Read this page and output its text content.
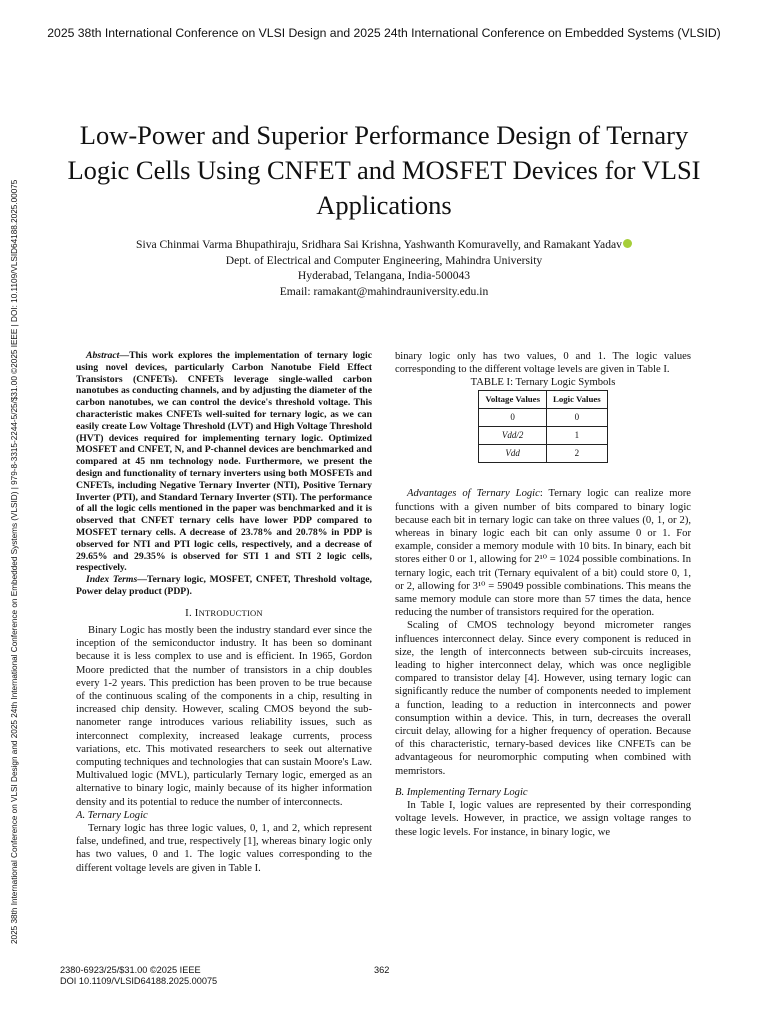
2025 38th International Conference on VLSI Design and 2025 24th International Conference on Embedded Systems (VLSID)
2025 38th International Conference on VLSI Design and 2025 24th International Conference on Embedded Systems (VLSID) | 979-8-3315-2244-5/25/$31.00 ©2025 IEEE | DOI: 10.1109/VLSID64188.2025.00075
Low-Power and Superior Performance Design of Ternary Logic Cells Using CNFET and MOSFET Devices for VLSI Applications
Siva Chinmai Varma Bhupathiraju, Sridhara Sai Krishna, Yashwanth Komuravelly, and Ramakant Yadav
Dept. of Electrical and Computer Engineering, Mahindra University
Hyderabad, Telangana, India-500043
Email: ramakant@mahindrauniversity.edu.in

Abstract—This work explores the implementation of ternary logic using novel devices, particularly Carbon Nanotube Field Effect Transistors (CNFETs). CNFETs leverage single-walled carbon nanotubes as conducting channels, and by adjusting the diameter of the carbon nanotubes, we can control the device's threshold voltage. This characteristic makes CNFETs well-suited for ternary logic, as we can easily create Low Voltage Threshold (LVT) and High Voltage Threshold (HVT) devices required for implementing ternary logic. Optimized MOSFET and CNFET, N, and P-channel devices are benchmarked and compared at 45 nm technology node. Furthermore, we present the design and functionality of ternary inverters using both MOSFETs and CNFETs, including Negative Ternary Inverter (NTI), Positive Ternary Inverter (PTI), and Standard Ternary Inverter (STI). The performance of all the logic cells mentioned in the paper was benchmarked and it is observed that CNFET ternary cells have lower PDP compared to MOSFET ternary cells. A decrease of 23.78% and 20.78% in PDP is observed for NTI and PTI logic cells, respectively, and a decrease of 29.65% and 29.35% is observed for STI 1 and STI 2 logic cells, respectively.

Index Terms—Ternary logic, MOSFET, CNFET, Threshold voltage, Power delay product (PDP).

I. INTRODUCTION

Binary Logic has mostly been the industry standard ever since the inception of the semiconductor industry. It has been so dominant because it is less complex to use and is efficient. In 1965, Gordon Moore predicted that the number of transistors in a chip doubles every 1-2 years. This prediction has been proven to be true because of the continuous scaling of the components in a chip, resulting in increased chip density. However, scaling CMOS beyond the sub-nanometer range introduces various reliability issues, such as interconnect complexity, increased leakage currents, process variations, etc. This motivated researchers to seek out alternative computing techniques and technologies that can sustain Moore's Law. Multivalued logic (MVL), particularly Ternary logic, emerged as an alternative to binary logic, mainly because of its higher information density and its potential to reduce the number of interconnects.

A. Ternary Logic

Ternary logic has three logic values, 0, 1, and 2, which represent false, undefined, and true, respectively [1], whereas binary logic only has two values, 0 and 1. The logic values corresponding to the different voltage levels are given in Table I.

binary logic only has two values, 0 and 1. The logic values corresponding to the different voltage levels are given in Table I.

TABLE I: Ternary Logic Symbols

Voltage Values	Logic Values
0	0
Vdd/2	1
Vdd	2

Advantages of Ternary Logic: Ternary logic can realize more functions with a given number of bits compared to binary logic because each bit in ternary logic can take on three values (0, 1, or 2), whereas in binary logic each bit can only assume 0 or 1. For example, consider a memory module with 10 bits. In binary, each bit stores either 0 or 1, allowing for 2¹⁰ = 1024 possible combinations. In ternary logic, each trit (Ternary equivalent of a bit) could store 0, 1, or 2, allowing for 3¹⁰ = 59049 possible combinations. This means the same memory module can store more than 57 times the data, hence reducing the number of transistors required for the operation.

Scaling of CMOS technology beyond micrometer ranges influences interconnect delay. Since every component is reduced in size, the length of interconnects between sub-circuits increases, leading to higher interconnect delay, which was once negligible compared to transistor delay [4]. However, using ternary logic can significantly reduce the number of components needed to implement a function, leading to a reduction in interconnects and power consumption within a device. This, in turn, decreases the overall circuit delay, allowing for a higher frequency of operation. Because of this characteristic, ternary-based devices like CNFETs can be advantageous for neuromorphic computing when combined with memristors.

B. Implementing Ternary Logic

In Table I, logic values are represented by their corresponding voltage levels. However, in practice, we assign voltage ranges to these logic levels. For instance, in binary logic, we

2380-6923/25/$31.00 ©2025 IEEE
DOI 10.1109/VLSID64188.2025.00075
362
